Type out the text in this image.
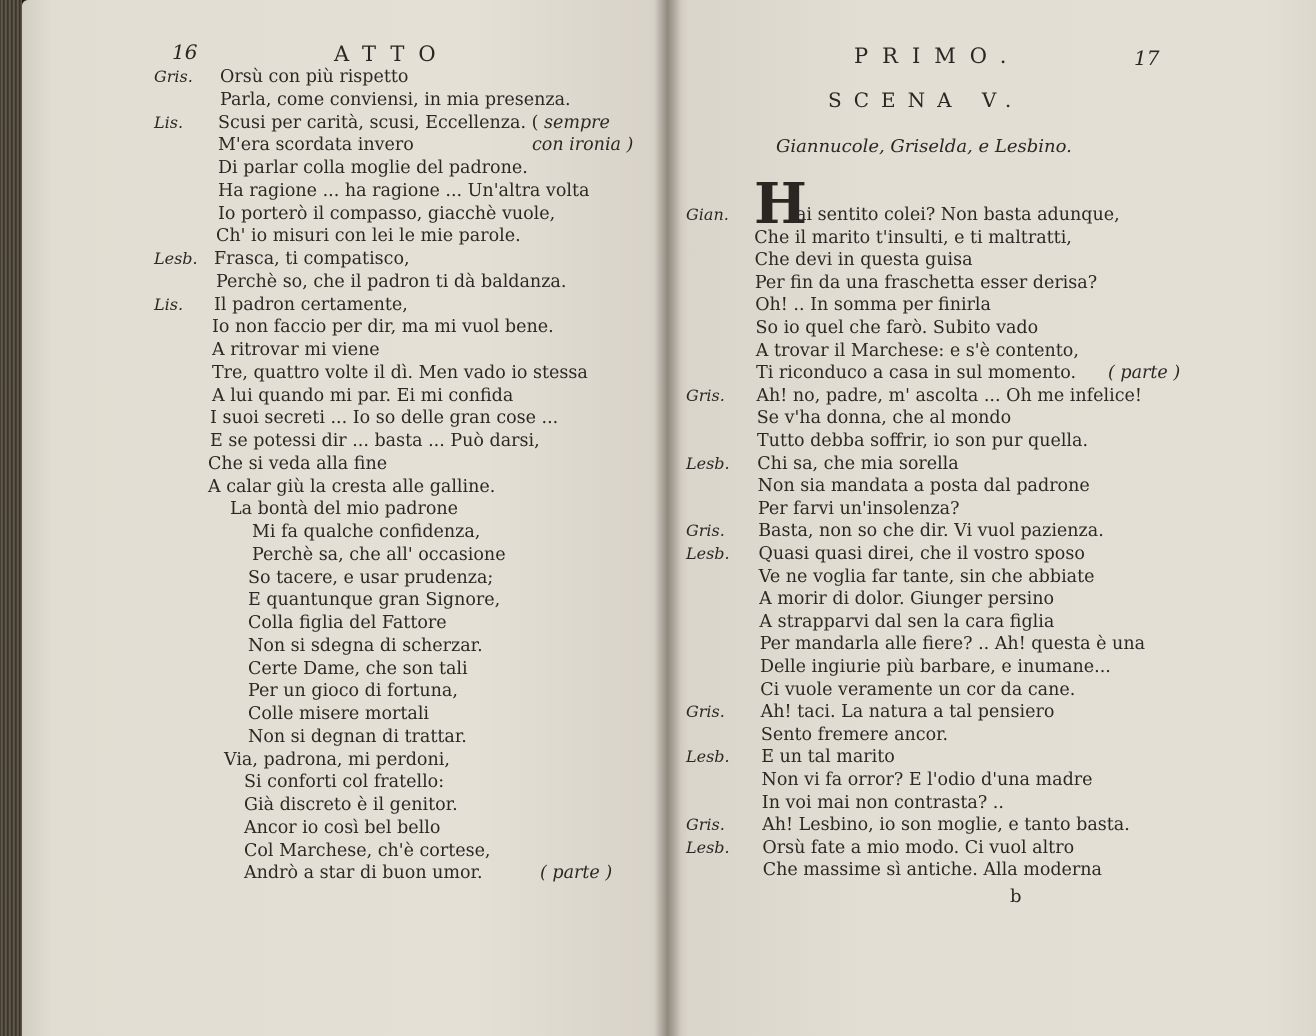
16	ATTO
Gris. Orsù con più rispetto
Parla, come conviensi, in mia presenza.
Lis. Scusi per carità, scusi, Eccellenza. ( sempre
M'era scordata invero	con ironia )
Di parlar colla moglie del padrone.
Ha ragione ... ha ragione ... Un'altra volta
Io porterò il compasso, giacchè vuole,
Ch' io misuri con lei le mie parole.
Lesb. Frasca, ti compatisco,
Perchè so, che il padron ti dà baldanza.
Lis. Il padron certamente,
Io non faccio per dir, ma mi vuol bene.
A ritrovar mi viene
Tre, quattro volte il dì. Men vado io stessa
A lui quando mi par. Ei mi confida
I suoi secreti ... Io so delle gran cose ...
E se potessi dir ... basta ... Può darsi,
Che si veda alla fine
A calar giù la cresta alle galline.
La bontà del mio padrone
Mi fa qualche confidenza,
Perchè sa, che all' occasione
So tacere, e usar prudenza;
E quantunque gran Signore,
Colla figlia del Fattore
Non si sdegna di scherzar.
Certe Dame, che son tali
Per un gioco di fortuna,
Colle misere mortali
Non si degnan di trattar.
Via, padrona, mi perdoni,
Si conforti col fratello:
Già discreto è il genitor.
Ancor io così bel bello
Col Marchese, ch'è cortese,
Andrò a star di buon umor.	( parte )
PRIMO.	17
SCENA V.
Giannucole, Griselda, e Lesbino.
H
Gian.	ai sentito colei? Non basta adunque,
Che il marito t'insulti, e ti maltratti,
Che devi in questa guisa
Per fin da una fraschetta esser derisa?
Oh! .. In somma per finirla
So io quel che farò. Subito vado
A trovar il Marchese: e s'è contento,
Ti riconduco a casa in sul momento. ( parte )
Gris. Ah! no, padre, m' ascolta ... Oh me infelice!
Se v'ha donna, che al mondo
Tutto debba soffrir, io son pur quella.
Lesb. Chi sa, che mia sorella
Non sia mandata a posta dal padrone
Per farvi un'insolenza?
Gris. Basta, non so che dir. Vi vuol pazienza.
Lesb. Quasi quasi direi, che il vostro sposo
Ve ne voglia far tante, sin che abbiate
A morir di dolor. Giunger persino
A strapparvi dal sen la cara figlia
Per mandarla alle fiere? .. Ah! questa è una
Delle ingiurie più barbare, e inumane...
Ci vuole veramente un cor da cane.
Gris. Ah! taci. La natura a tal pensiero
Sento fremere ancor.
Lesb. E un tal marito
Non vi fa orror? E l'odio d'una madre
In voi mai non contrasta? ..
Gris. Ah! Lesbino, io son moglie, e tanto basta.
Lesb. Orsù fate a mio modo. Ci vuol altro
Che massime sì antiche. Alla moderna
b
